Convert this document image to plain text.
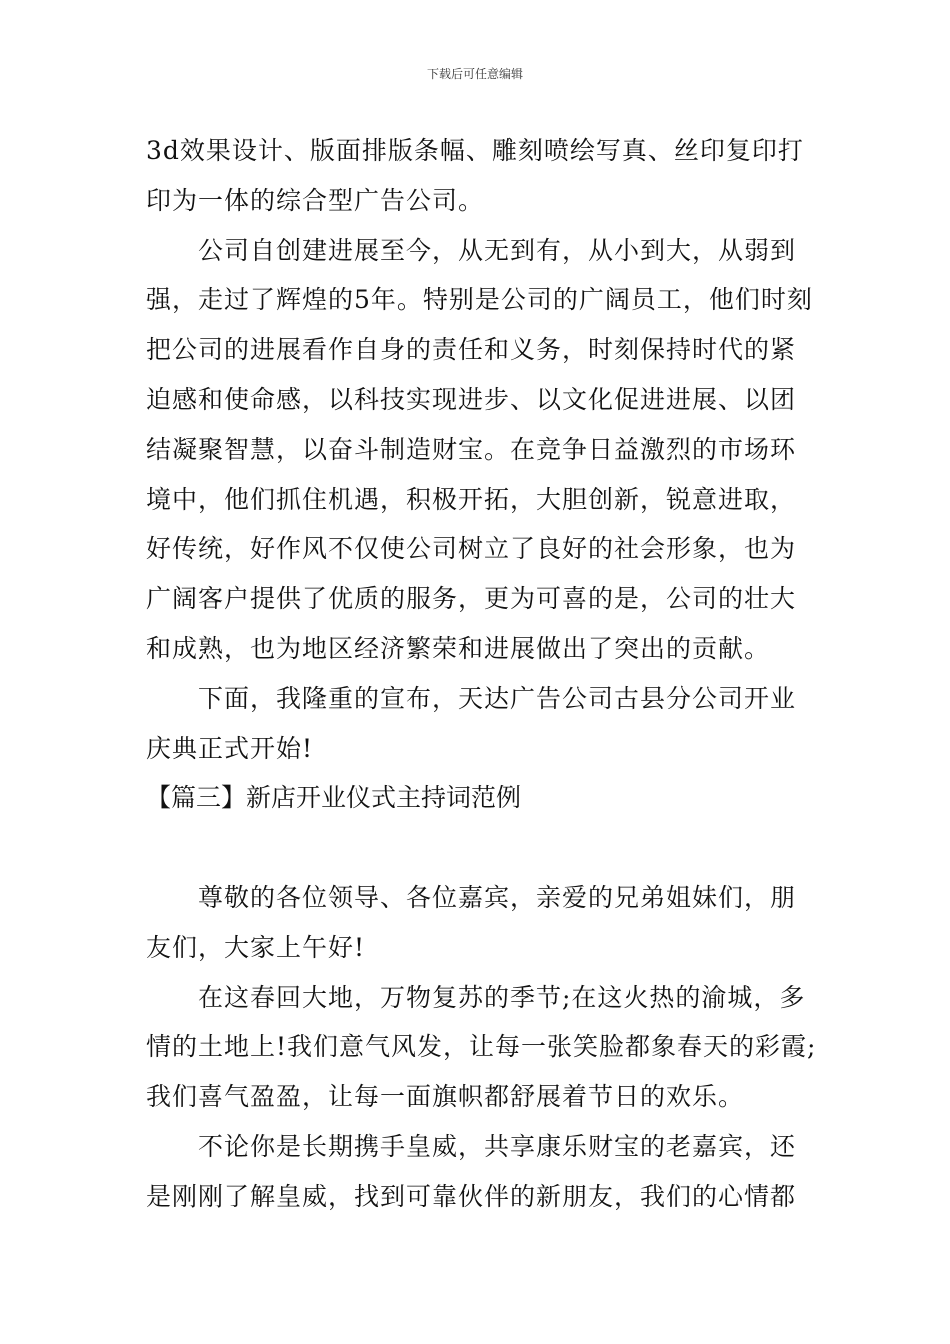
下载后可任意编辑

3d效果设计、版面排版条幅、雕刻喷绘写真、丝印复印打

印为一体的综合型广告公司。

　　公司自创建进展至今，从无到有，从小到大，从弱到

强，走过了辉煌的5年。特别是公司的广阔员工，他们时刻

把公司的进展看作自身的责任和义务，时刻保持时代的紧

迫感和使命感，以科技实现进步、以文化促进进展、以团

结凝聚智慧，以奋斗制造财宝。在竞争日益激烈的市场环

境中，他们抓住机遇，积极开拓，大胆创新，锐意进取，

好传统，好作风不仅使公司树立了良好的社会形象，也为

广阔客户提供了优质的服务，更为可喜的是，公司的壮大

和成熟，也为地区经济繁荣和进展做出了突出的贡献。

　　下面，我隆重的宣布，天达广告公司古县分公司开业

庆典正式开始!

【篇三】新店开业仪式主持词范例

　　尊敬的各位领导、各位嘉宾，亲爱的兄弟姐妹们，朋

友们，大家上午好!

　　在这春回大地，万物复苏的季节;在这火热的渝城，多

情的土地上!我们意气风发，让每一张笑脸都象春天的彩霞;

我们喜气盈盈，让每一面旗帜都舒展着节日的欢乐。

　　不论你是长期携手皇威，共享康乐财宝的老嘉宾，还

是刚刚了解皇威，找到可靠伙伴的新朋友，我们的心情都
